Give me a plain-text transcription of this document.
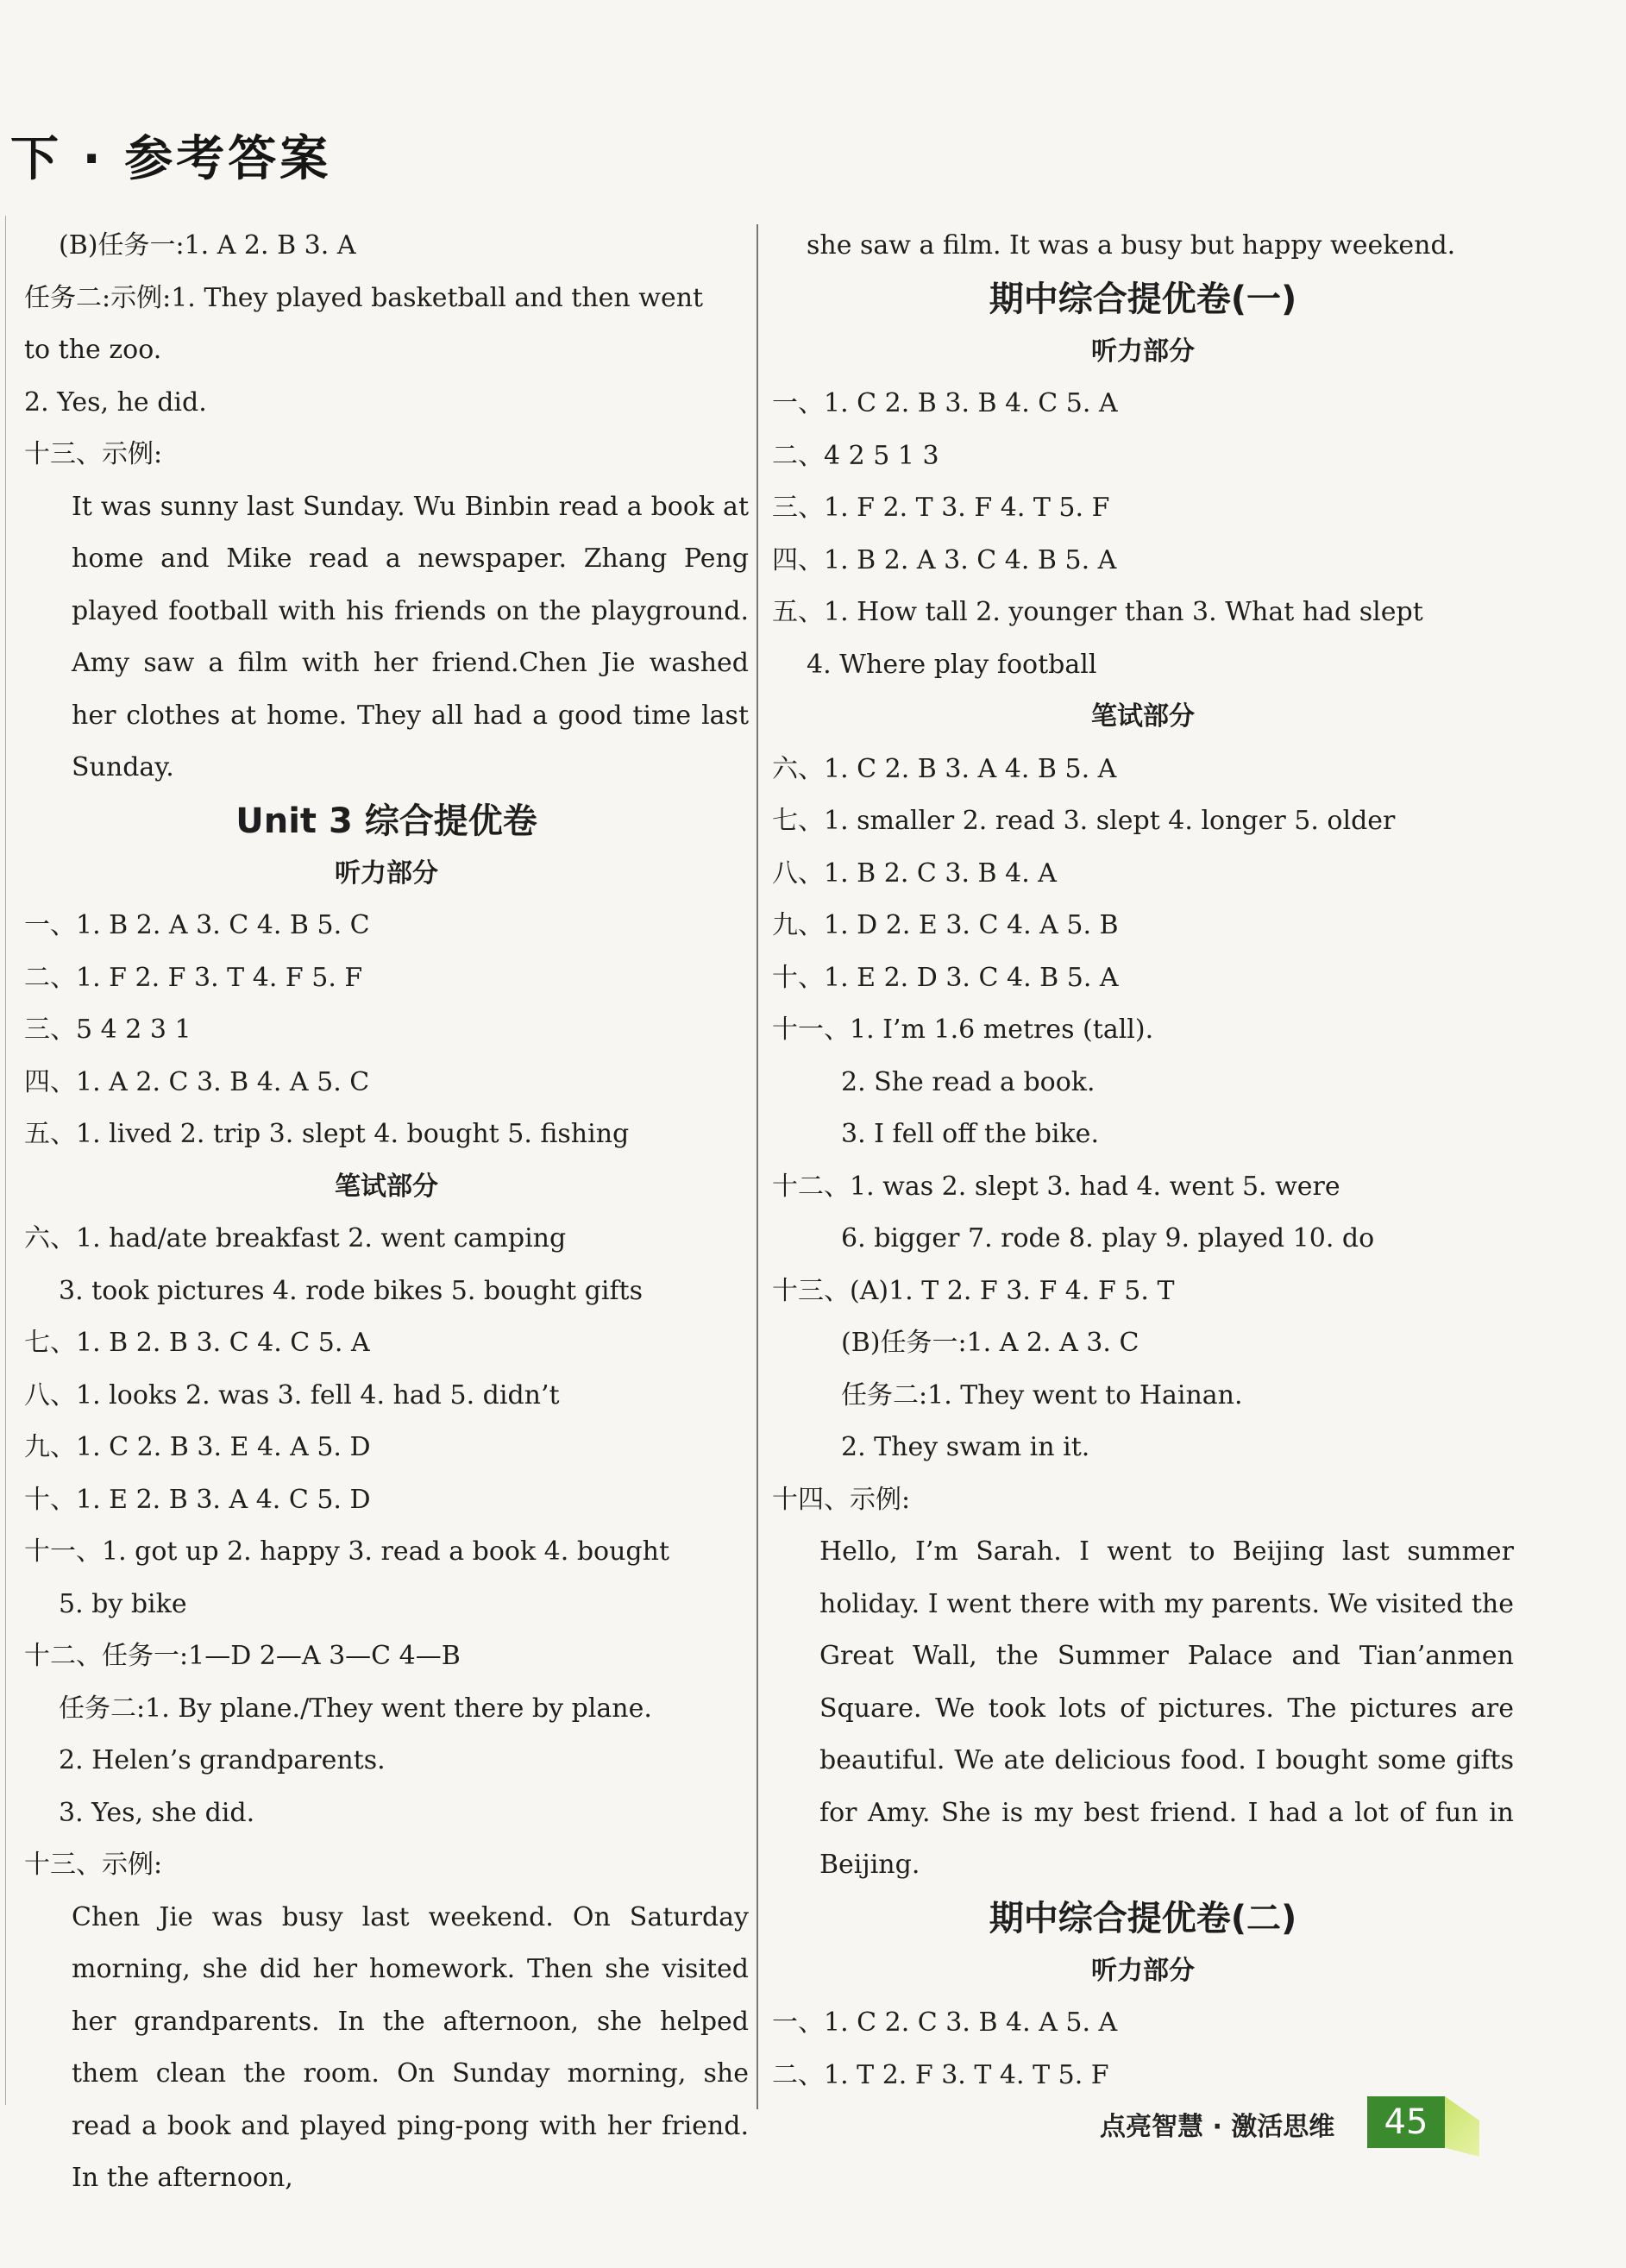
下 · 参考答案
(B)任务一:1. A 2. B 3. A
任务二:示例:1. They played basketball and then went
to the zoo.
2. Yes, he did.
十三、示例:
It was sunny last Sunday. Wu Binbin read a book at home and Mike read a newspaper. Zhang Peng played football with his friends on the playground. Amy saw a film with her friend.Chen Jie washed her clothes at home. They all had a good time last Sunday.
Unit 3 综合提优卷
听力部分
一、1. B 2. A 3. C 4. B 5. C
二、1. F 2. F 3. T 4. F 5. F
三、5 4 2 3 1
四、1. A 2. C 3. B 4. A 5. C
五、1. lived 2. trip 3. slept 4. bought 5. fishing
笔试部分
六、1. had/ate breakfast 2. went camping
3. took pictures 4. rode bikes 5. bought gifts
七、1. B 2. B 3. C 4. C 5. A
八、1. looks 2. was 3. fell 4. had 5. didn’t
九、1. C 2. B 3. E 4. A 5. D
十、1. E 2. B 3. A 4. C 5. D
十一、1. got up 2. happy 3. read a book 4. bought
5. by bike
十二、任务一:1—D 2—A 3—C 4—B
任务二:1. By plane./They went there by plane.
2. Helen’s grandparents.
3. Yes, she did.
十三、示例:
Chen Jie was busy last weekend. On Saturday morning, she did her homework. Then she visited her grandparents. In the afternoon, she helped them clean the room. On Sunday morning, she read a book and played ping-pong with her friend. In the afternoon,
she saw a film. It was a busy but happy weekend.
期中综合提优卷(一)
听力部分
一、1. C 2. B 3. B 4. C 5. A
二、4 2 5 1 3
三、1. F 2. T 3. F 4. T 5. F
四、1. B 2. A 3. C 4. B 5. A
五、1. How tall 2. younger than 3. What had slept
4. Where play football
笔试部分
六、1. C 2. B 3. A 4. B 5. A
七、1. smaller 2. read 3. slept 4. longer 5. older
八、1. B 2. C 3. B 4. A
九、1. D 2. E 3. C 4. A 5. B
十、1. E 2. D 3. C 4. B 5. A
十一、1. I’m 1.6 metres (tall).
2. She read a book.
3. I fell off the bike.
十二、1. was 2. slept 3. had 4. went 5. were
6. bigger 7. rode 8. play 9. played 10. do
十三、(A)1. T 2. F 3. F 4. F 5. T
(B)任务一:1. A 2. A 3. C
任务二:1. They went to Hainan.
2. They swam in it.
十四、示例:
Hello, I’m Sarah. I went to Beijing last summer holiday. I went there with my parents. We visited the Great Wall, the Summer Palace and Tian’anmen Square. We took lots of pictures. The pictures are beautiful. We ate delicious food. I bought some gifts for Amy. She is my best friend. I had a lot of fun in Beijing.
期中综合提优卷(二)
听力部分
一、1. C 2. C 3. B 4. A 5. A
二、1. T 2. F 3. T 4. T 5. F
点亮智慧 · 激活思维	45
